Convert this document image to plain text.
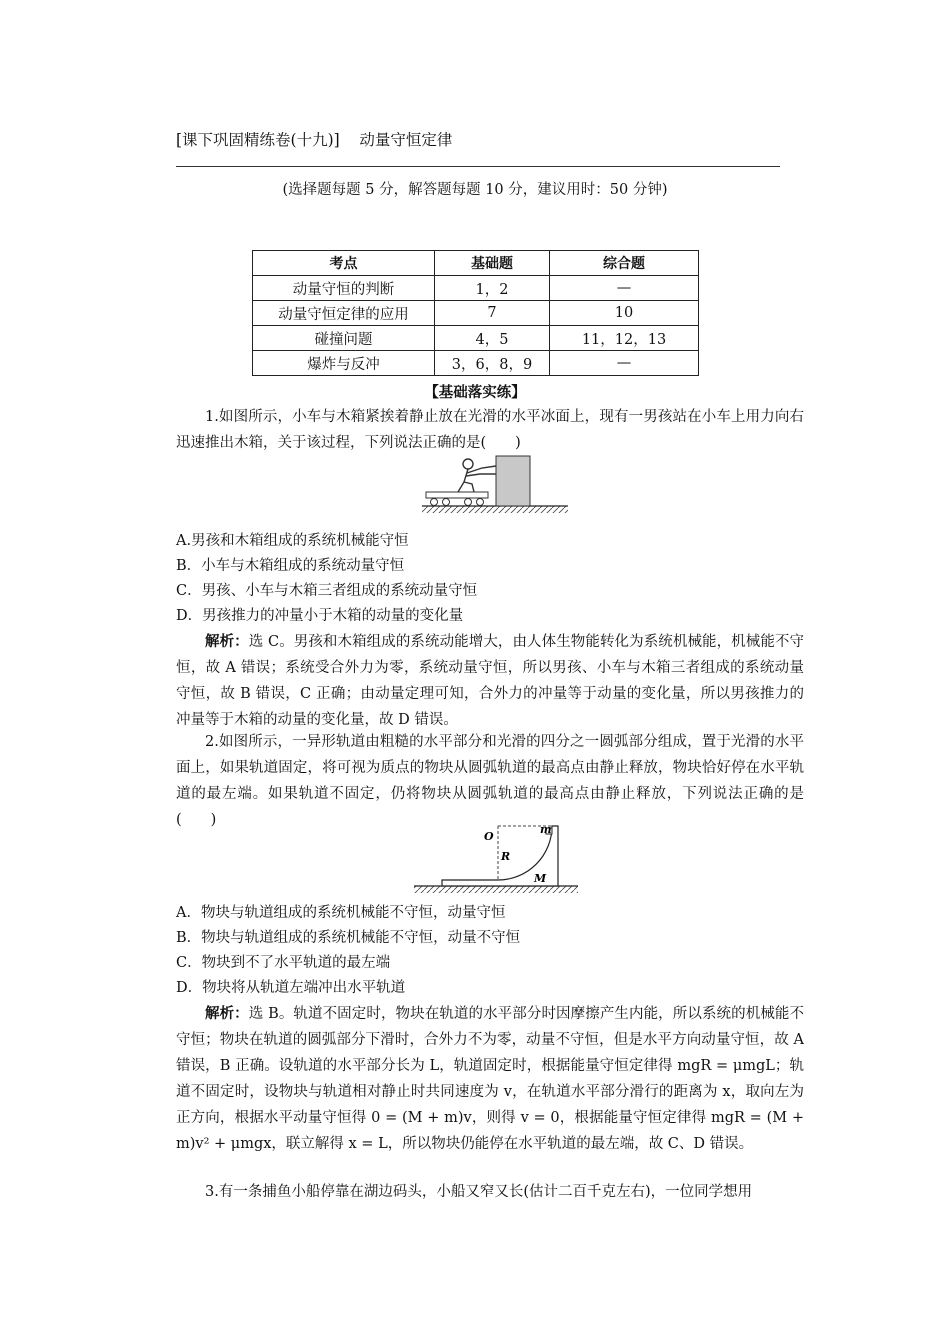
[课下巩固精练卷(十九)]    动量守恒定律
(选择题每题 5 分，解答题每题 10 分，建议用时：50 分钟)
考点	基础题	综合题
动量守恒的判断	1，2	—
动量守恒定律的应用	7	10
碰撞问题	4，5	11，12，13
爆炸与反冲	3，6，8，9	—
【基础落实练】

1.如图所示，小车与木箱紧挨着静止放在光滑的水平冰面上，现有一男孩站在小车上用力向右迅速推出木箱，关于该过程，下列说法正确的是(　　)

A.男孩和木箱组成的系统机械能守恒
B．小车与木箱组成的系统动量守恒
C．男孩、小车与木箱三者组成的系统动量守恒
D．男孩推力的冲量小于木箱的动量的变化量

解析：选 C。男孩和木箱组成的系统动能增大，由人体生物能转化为系统机械能，机械能不守恒，故 A 错误；系统受合外力为零，系统动量守恒，所以男孩、小车与木箱三者组成的系统动量守恒，故 B 错误，C 正确；由动量定理可知，合外力的冲量等于动量的变化量，所以男孩推力的冲量等于木箱的动量的变化量，故 D 错误。

2.如图所示，一异形轨道由粗糙的水平部分和光滑的四分之一圆弧部分组成，置于光滑的水平面上，如果轨道固定，将可视为质点的物块从圆弧轨道的最高点由静止释放，物块恰好停在水平轨道的最左端。如果轨道不固定，仍将物块从圆弧轨道的最高点由静止释放，下列说法正确的是(　　)

O
m
R
M
A．物块与轨道组成的系统机械能不守恒，动量守恒
B．物块与轨道组成的系统机械能不守恒，动量不守恒
C．物块到不了水平轨道的最左端
D．物块将从轨道左端冲出水平轨道

解析：选 B。轨道不固定时，物块在轨道的水平部分时因摩擦产生内能，所以系统的机械能不守恒；物块在轨道的圆弧部分下滑时，合外力不为零，动量不守恒，但是水平方向动量守恒，故 A 错误，B 正确。设轨道的水平部分长为 L，轨道固定时，根据能量守恒定律得 mgR = μmgL；轨道不固定时，设物块与轨道相对静止时共同速度为 v，在轨道水平部分滑行的距离为 x，取向左为正方向，根据水平动量守恒得 0 = (M + m)v，则得 v = 0，根据能量守恒定律得 mgR = (M + m)v² + μmgx，联立解得 x = L，所以物块仍能停在水平轨道的最左端，故 C、D 错误。

3.有一条捕鱼小船停靠在湖边码头，小船又窄又长(估计二百千克左右)，一位同学想用
